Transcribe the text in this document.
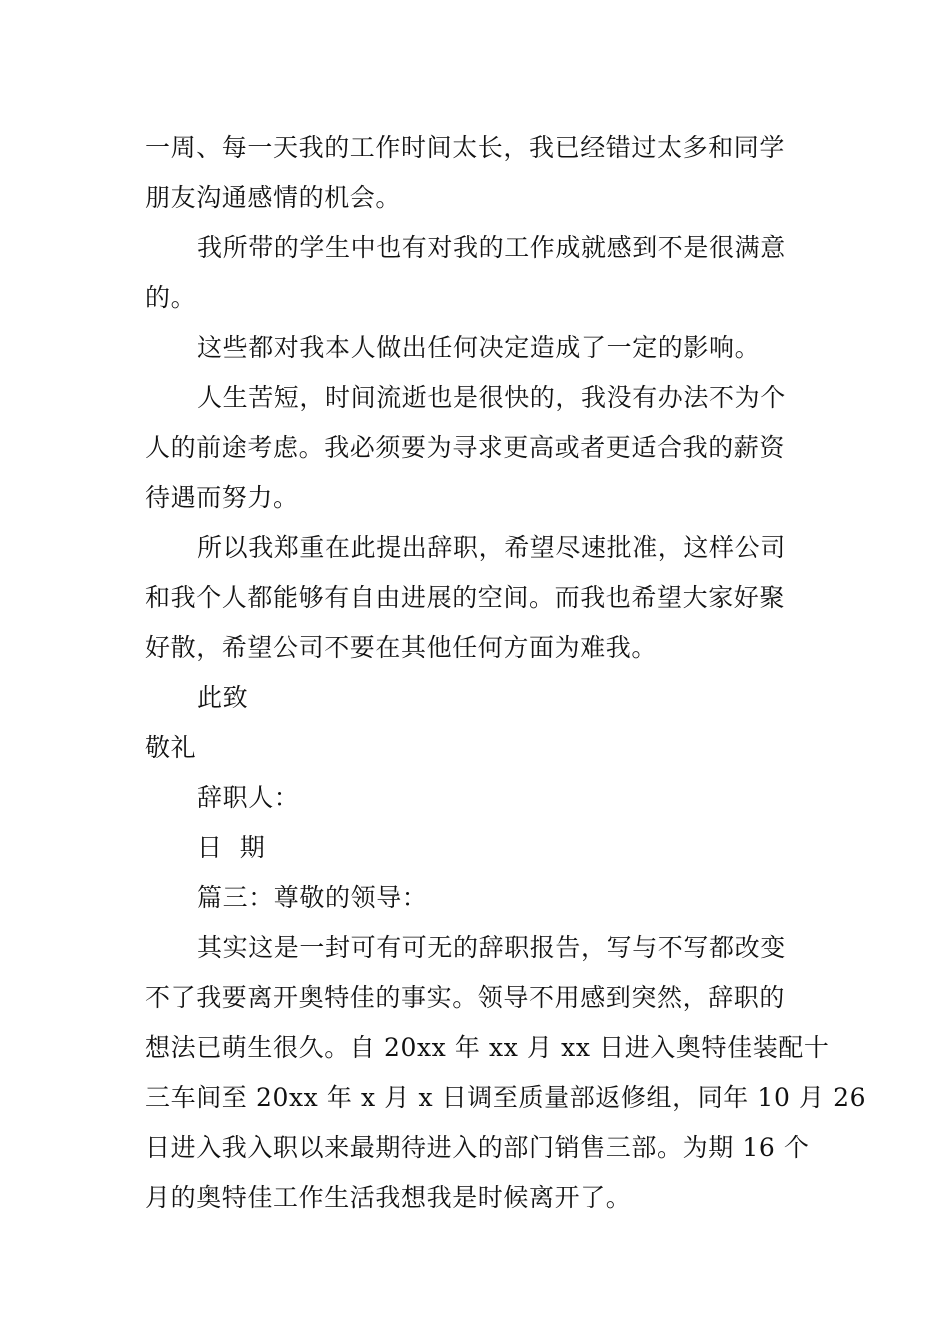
一周、每一天我的工作时间太长，我已经错过太多和同学
朋友沟通感情的机会。
我所带的学生中也有对我的工作成就感到不是很满意
的。
这些都对我本人做出任何决定造成了一定的影响。
人生苦短，时间流逝也是很快的，我没有办法不为个
人的前途考虑。我必须要为寻求更高或者更适合我的薪资
待遇而努力。
所以我郑重在此提出辞职，希望尽速批准，这样公司
和我个人都能够有自由进展的空间。而我也希望大家好聚
好散，希望公司不要在其他任何方面为难我。
此致
敬礼
辞职人：
日  期
篇三：尊敬的领导：
其实这是一封可有可无的辞职报告，写与不写都改变
不了我要离开奥特佳的事实。领导不用感到突然，辞职的
想法已萌生很久。自 20xx 年 xx 月 xx 日进入奥特佳装配十
三车间至 20xx 年 x 月 x 日调至质量部返修组，同年 10 月 26
日进入我入职以来最期待进入的部门销售三部。为期 16 个
月的奥特佳工作生活我想我是时候离开了。
